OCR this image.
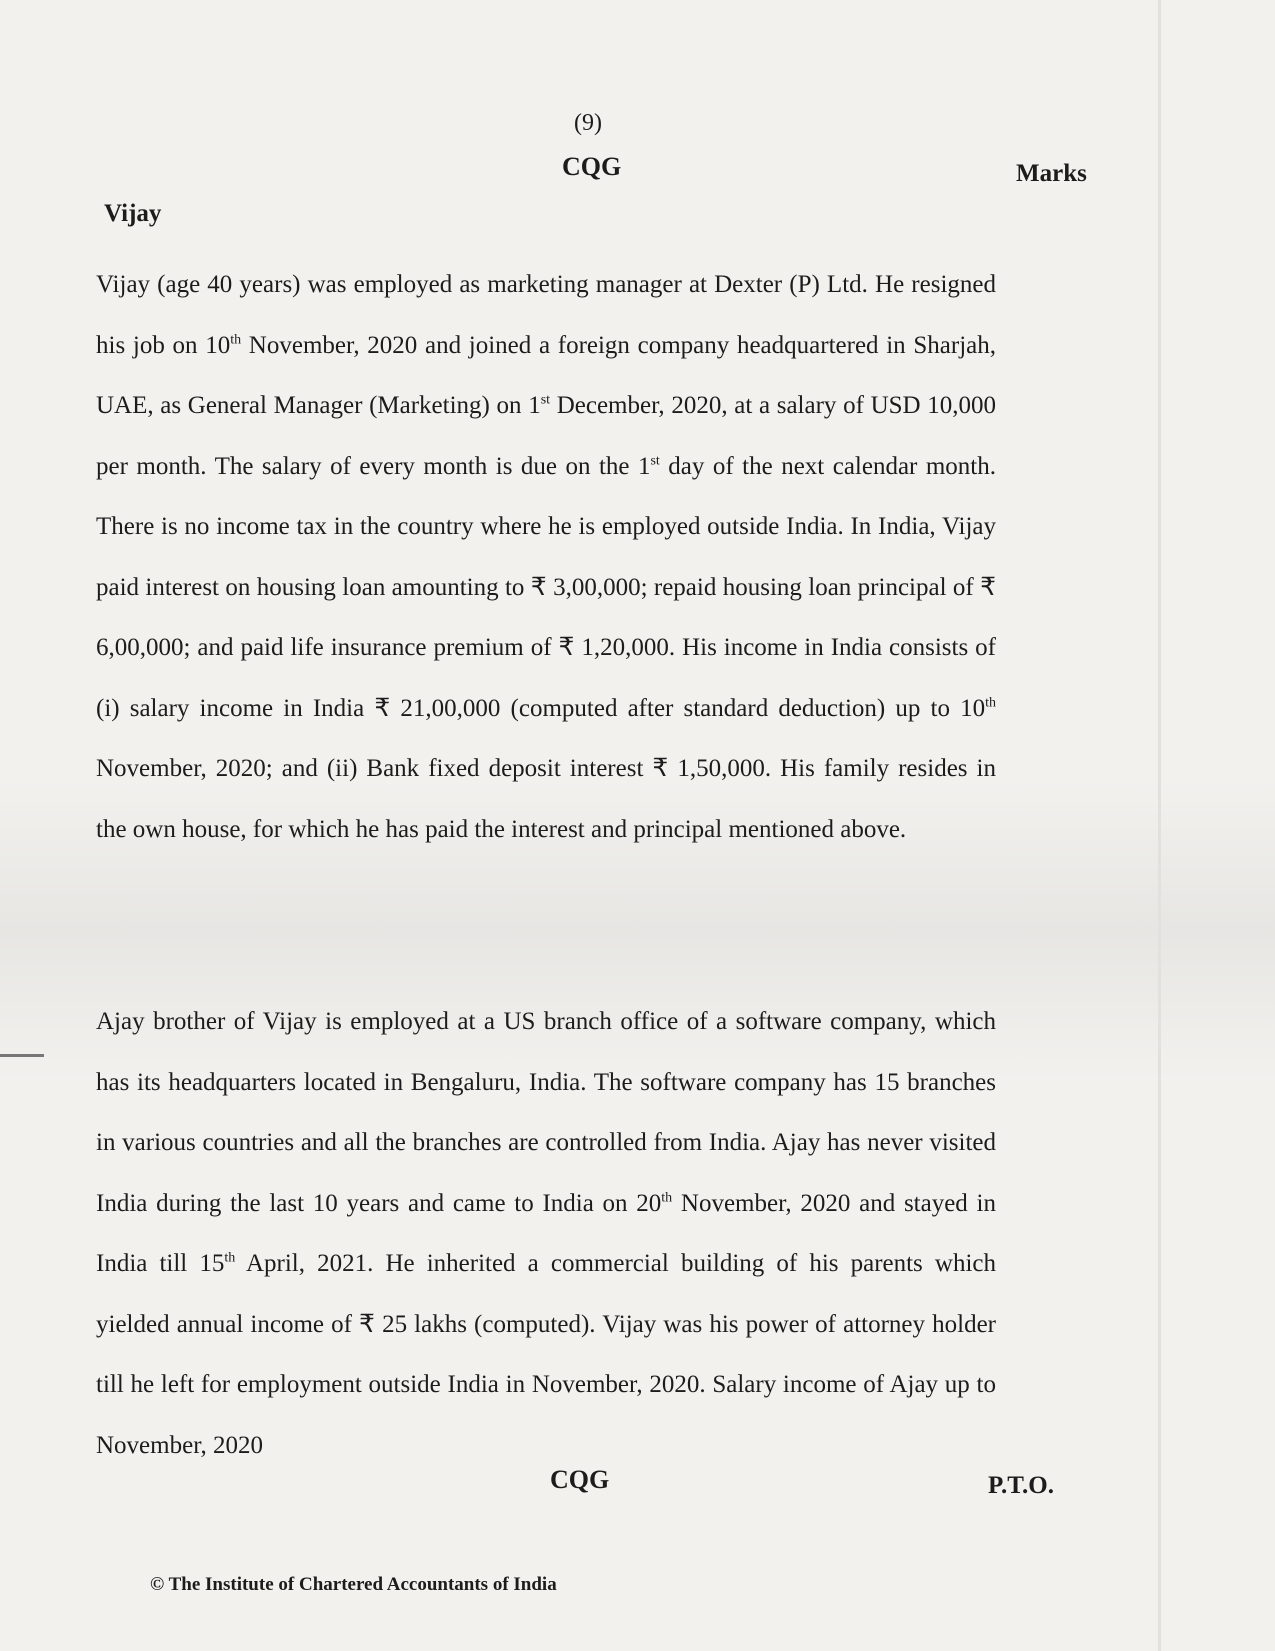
(9)
CQG	Marks
Vijay

Vijay (age 40 years) was employed as marketing manager at Dexter (P) Ltd. He resigned his job on 10th November, 2020 and joined a foreign company headquartered in Sharjah, UAE, as General Manager (Marketing) on 1st December, 2020, at a salary of USD 10,000 per month. The salary of every month is due on the 1st day of the next calendar month. There is no income tax in the country where he is employed outside India. In India, Vijay paid interest on housing loan amounting to ₹ 3,00,000; repaid housing loan principal of ₹ 6,00,000; and paid life insurance premium of ₹ 1,20,000. His income in India consists of (i) salary income in India ₹ 21,00,000 (computed after standard deduction) up to 10th November, 2020; and (ii) Bank fixed deposit interest ₹ 1,50,000. His family resides in the own house, for which he has paid the interest and principal mentioned above.

Ajay brother of Vijay is employed at a US branch office of a software company, which has its headquarters located in Bengaluru, India. The software company has 15 branches in various countries and all the branches are controlled from India. Ajay has never visited India during the last 10 years and came to India on 20th November, 2020 and stayed in India till 15th April, 2021. He inherited a commercial building of his parents which yielded annual income of ₹ 25 lakhs (computed). Vijay was his power of attorney holder till he left for employment outside India in November, 2020. Salary income of Ajay up to November, 2020

CQG	P.T.O.
© The Institute of Chartered Accountants of India
